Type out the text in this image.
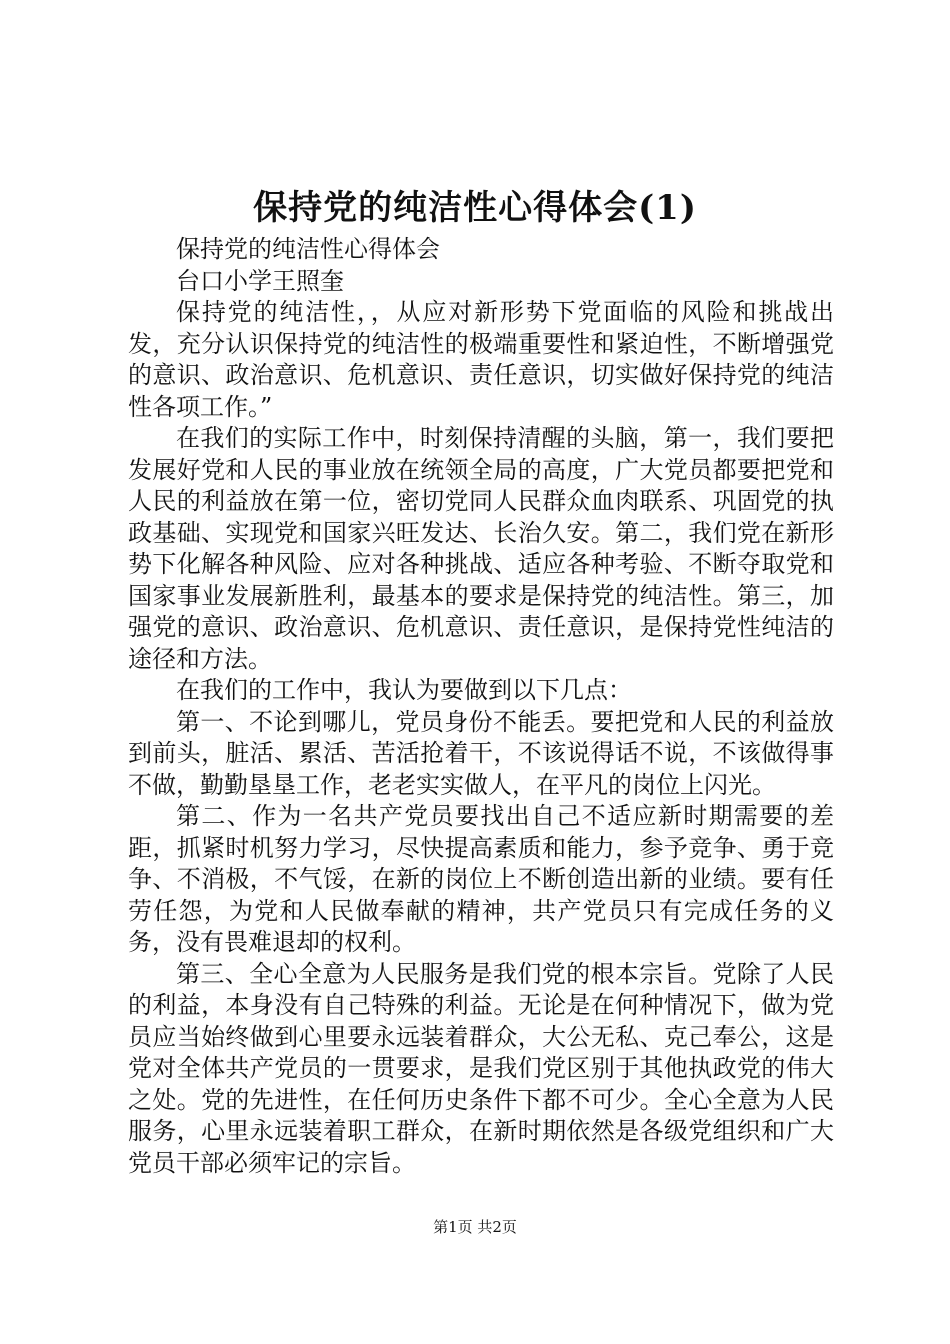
保持党的纯洁性心得体会(1)

保持党的纯洁性心得体会

台口小学王照奎

保持党的纯洁性，，从应对新形势下党面临的风险和挑战出发，充分认识保持党的纯洁性的极端重要性和紧迫性，不断增强党的意识、政治意识、危机意识、责任意识，切实做好保持党的纯洁性各项工作。”

在我们的实际工作中，时刻保持清醒的头脑，第一，我们要把发展好党和人民的事业放在统领全局的高度，广大党员都要把党和人民的利益放在第一位，密切党同人民群众血肉联系、巩固党的执政基础、实现党和国家兴旺发达、长治久安。第二，我们党在新形势下化解各种风险、应对各种挑战、适应各种考验、不断夺取党和国家事业发展新胜利，最基本的要求是保持党的纯洁性。第三，加强党的意识、政治意识、危机意识、责任意识，是保持党性纯洁的途径和方法。

在我们的工作中，我认为要做到以下几点：

第一、不论到哪儿，党员身份不能丢。要把党和人民的利益放到前头，脏活、累活、苦活抢着干，不该说得话不说，不该做得事不做，勤勤垦垦工作，老老实实做人，在平凡的岗位上闪光。

第二、作为一名共产党员要找出自己不适应新时期需要的差距，抓紧时机努力学习，尽快提高素质和能力，参予竞争、勇于竞争、不消极，不气馁，在新的岗位上不断创造出新的业绩。要有任劳任怨，为党和人民做奉献的精神，共产党员只有完成任务的义务，没有畏难退却的权利。

第三、全心全意为人民服务是我们党的根本宗旨。党除了人民的利益，本身没有自己特殊的利益。无论是在何种情况下，做为党员应当始终做到心里要永远装着群众，大公无私、克己奉公，这是党对全体共产党员的一贯要求，是我们党区别于其他执政党的伟大之处。党的先进性，在任何历史条件下都不可少。全心全意为人民服务，心里永远装着职工群众，在新时期依然是各级党组织和广大党员干部必须牢记的宗旨。

第1页 共2页
